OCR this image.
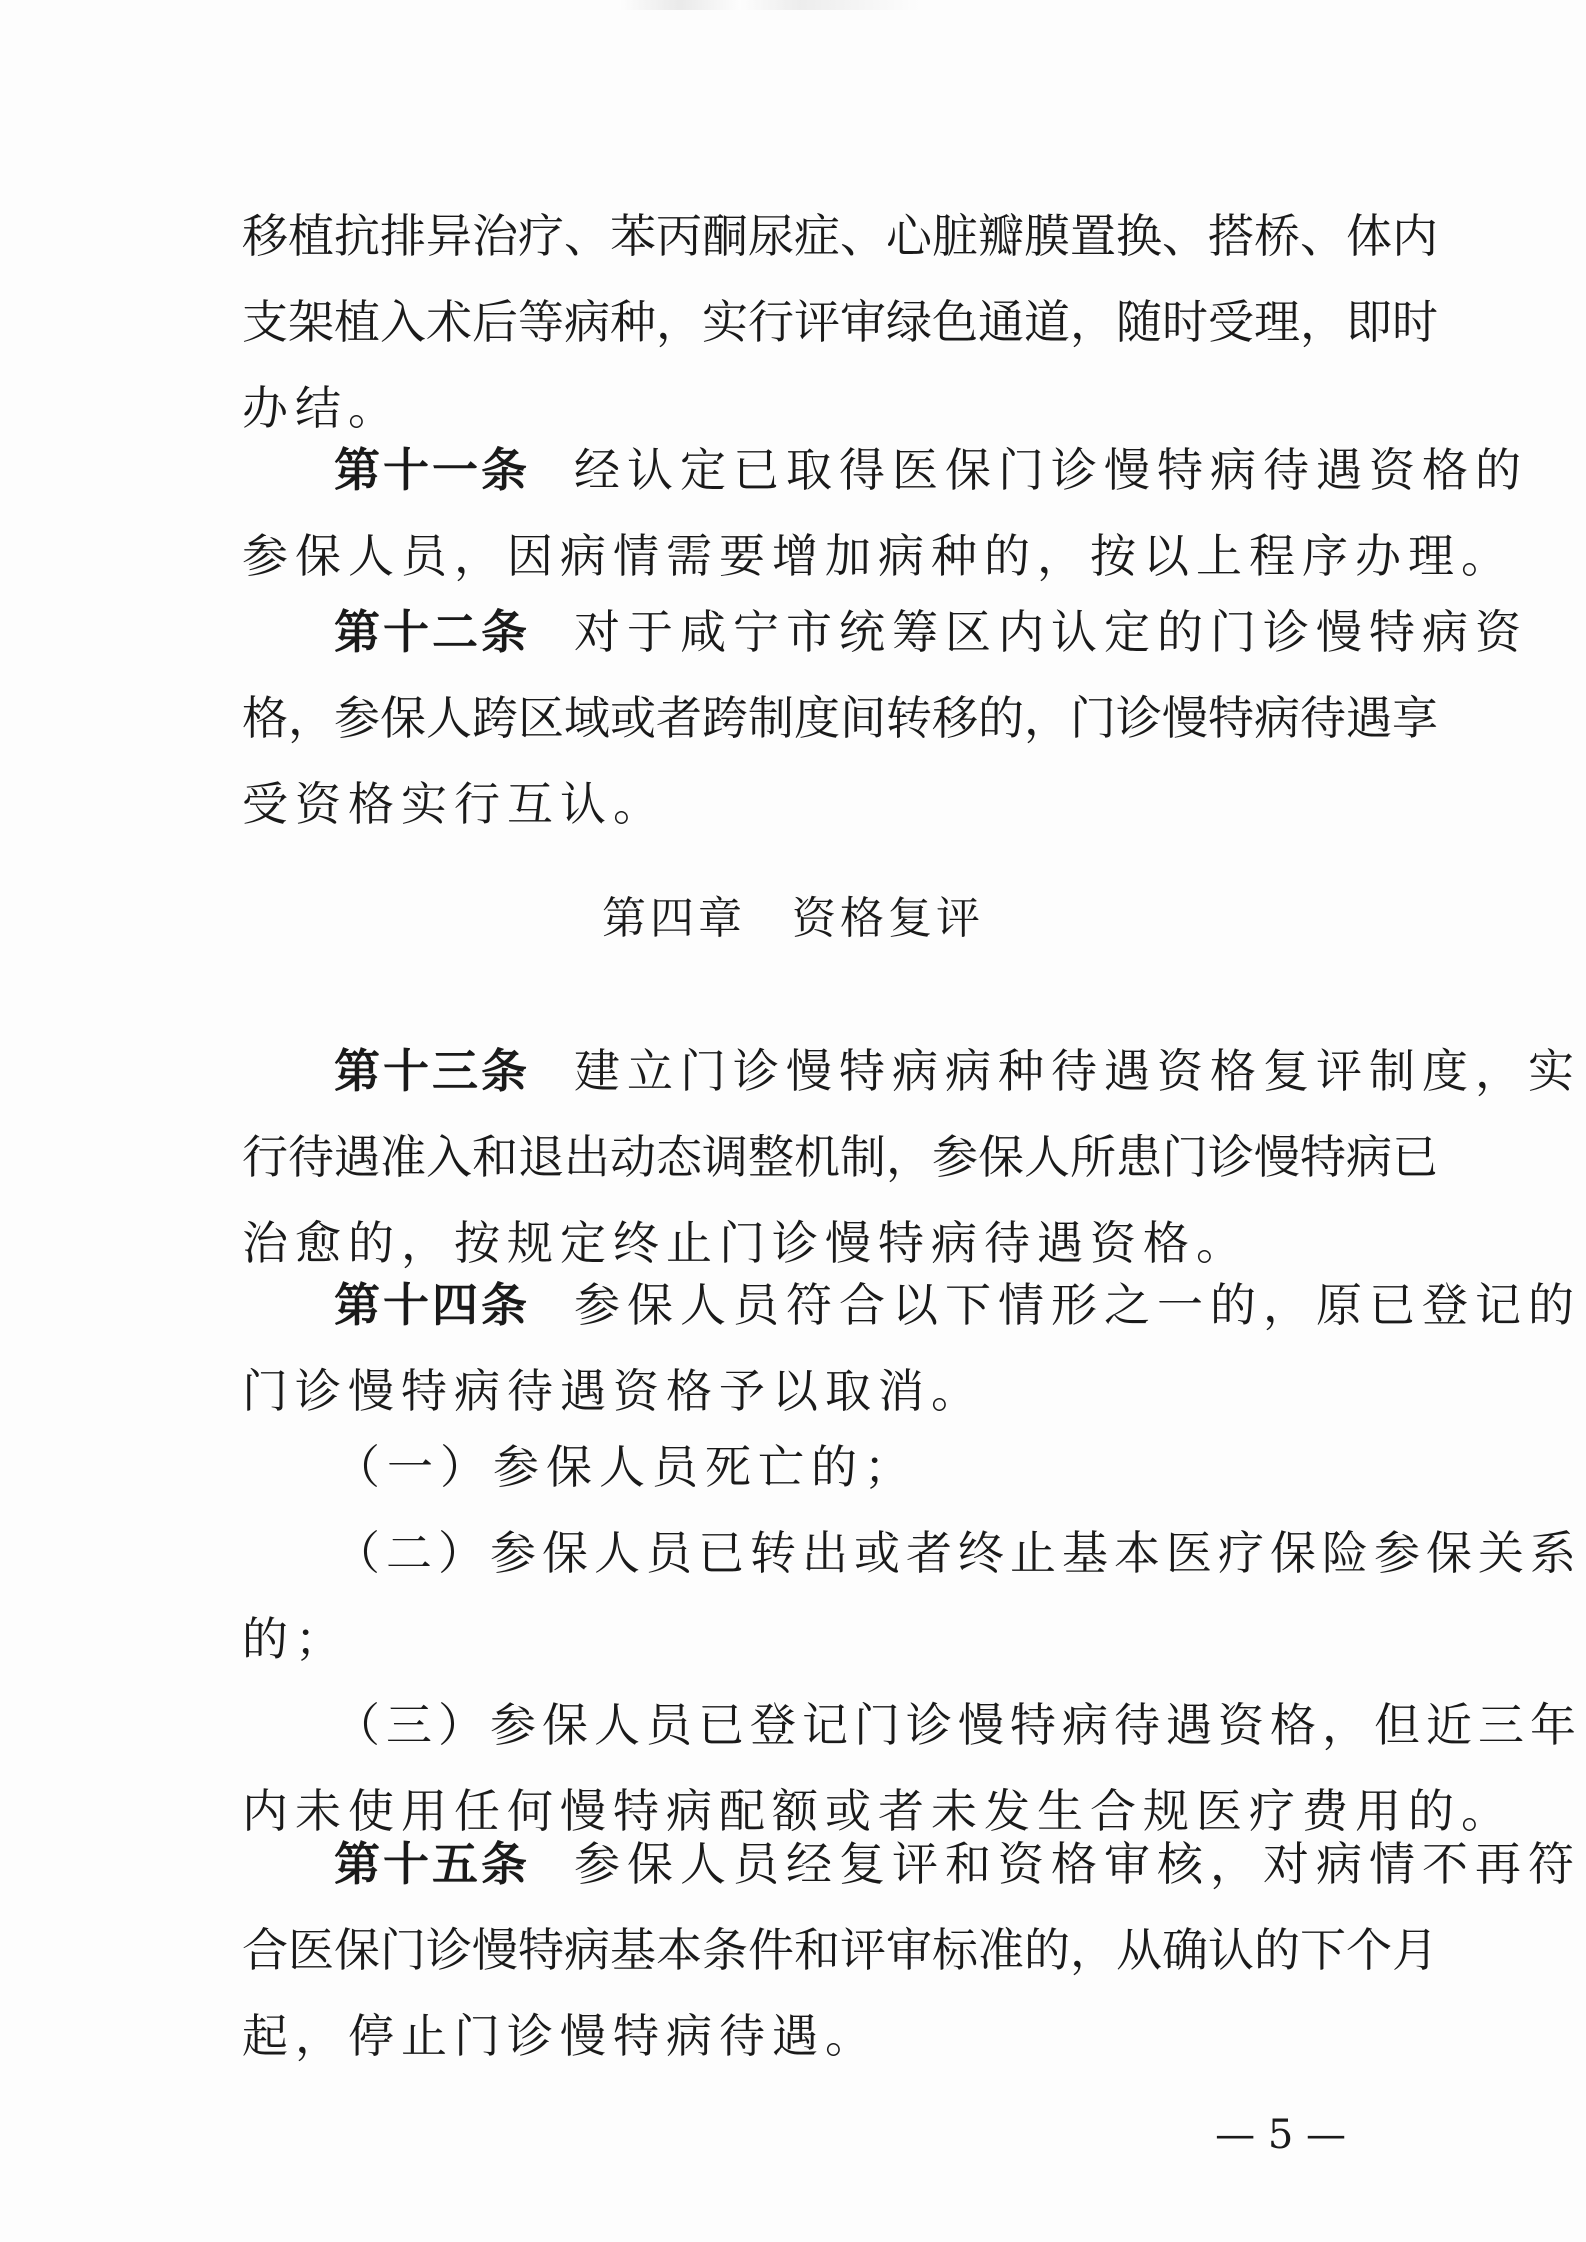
移植抗排异治疗、苯丙酮尿症、心脏瓣膜置换、搭桥、体内
支架植入术后等病种，实行评审绿色通道，随时受理，即时
办结。
第十一条 经认定已取得医保门诊慢特病待遇资格的
参保人员，因病情需要增加病种的，按以上程序办理。
第十二条 对于咸宁市统筹区内认定的门诊慢特病资
格，参保人跨区域或者跨制度间转移的，门诊慢特病待遇享
受资格实行互认。
第四章 资格复评
第十三条 建立门诊慢特病病种待遇资格复评制度，实
行待遇准入和退出动态调整机制，参保人所患门诊慢特病已
治愈的，按规定终止门诊慢特病待遇资格。
第十四条 参保人员符合以下情形之一的，原已登记的
门诊慢特病待遇资格予以取消。
（一）参保人员死亡的；
（二）参保人员已转出或者终止基本医疗保险参保关系
的；
（三）参保人员已登记门诊慢特病待遇资格，但近三年
内未使用任何慢特病配额或者未发生合规医疗费用的。
第十五条 参保人员经复评和资格审核，对病情不再符
合医保门诊慢特病基本条件和评审标准的，从确认的下个月
起，停止门诊慢特病待遇。
— 5 —
